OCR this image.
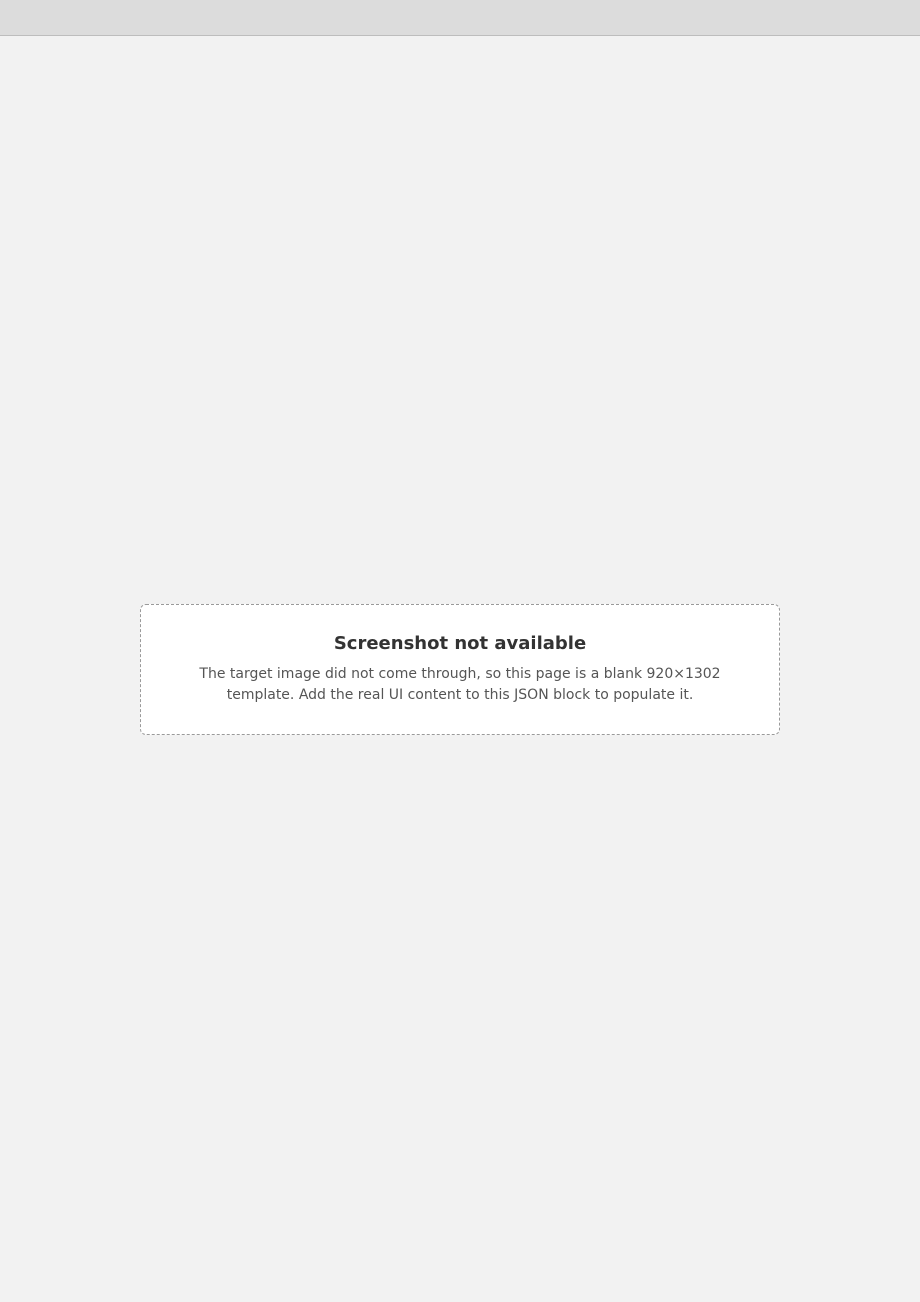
Screenshot not available

The target image did not come through, so this page is a blank 920×1302 template. Add the real UI content to this JSON block to populate it.
